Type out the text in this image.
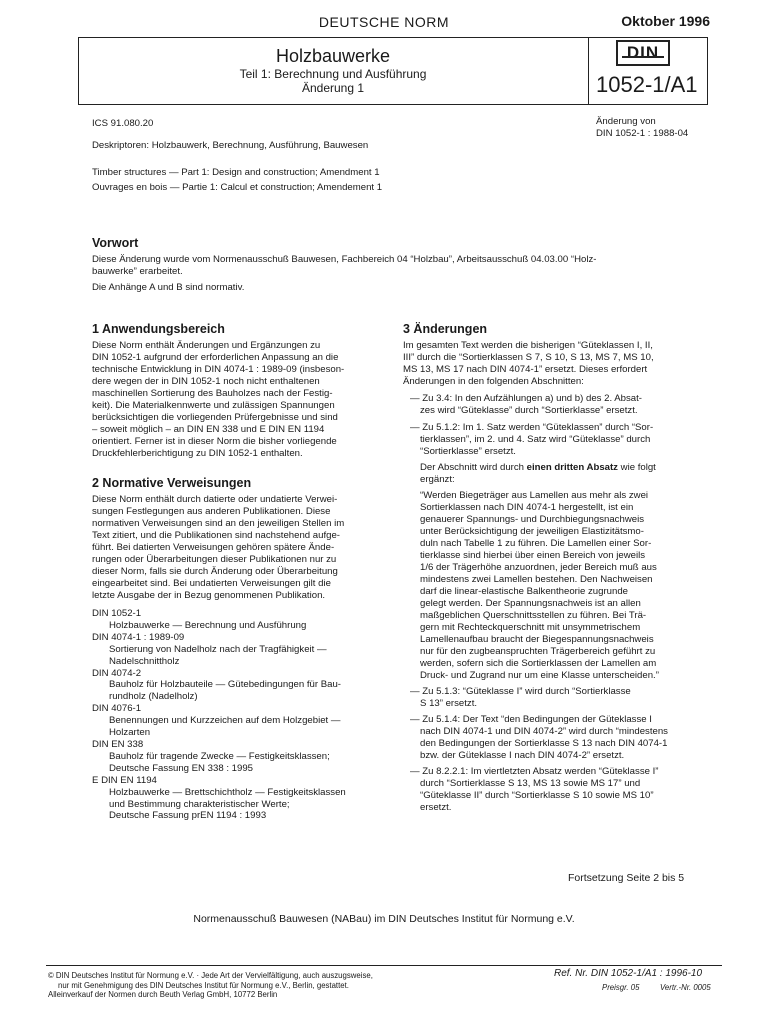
DEUTSCHE NORM	Oktober 1996
Holzbauwerke
Teil 1: Berechnung und Ausführung
Änderung 1
DIN
1052-1/A1
ICS 91.080.20
Deskriptoren: Holzbauwerk, Berechnung, Ausführung, Bauwesen
Änderung von
DIN 1052-1 : 1988-04
Timber structures — Part 1: Design and construction; Amendment 1
Ouvrages en bois — Partie 1: Calcul et construction; Amendement 1
Vorwort
Diese Änderung wurde vom Normenausschuß Bauwesen, Fachbereich 04 “Holzbau”, Arbeitsausschuß 04.03.00 “Holz-
bauwerke” erarbeitet.
Die Anhänge A und B sind normativ.
1 Anwendungsbereich
Diese Norm enthält Änderungen und Ergänzungen zu
DIN 1052-1 aufgrund der erforderlichen Anpassung an die
technische Entwicklung in DIN 4074-1 : 1989-09 (insbeson-
dere wegen der in DIN 1052-1 noch nicht enthaltenen
maschinellen Sortierung des Bauholzes nach der Festig-
keit). Die Materialkennwerte und zulässigen Spannungen
berücksichtigen die vorliegenden Prüfergebnisse und sind
– soweit möglich – an DIN EN 338 und E DIN EN 1194
orientiert. Ferner ist in dieser Norm die bisher vorliegende
Druckfehlerberichtigung zu DIN 1052-1 enthalten.
2 Normative Verweisungen
Diese Norm enthält durch datierte oder undatierte Verwei-
sungen Festlegungen aus anderen Publikationen. Diese
normativen Verweisungen sind an den jeweiligen Stellen im
Text zitiert, und die Publikationen sind nachstehend aufge-
führt. Bei datierten Verweisungen gehören spätere Ände-
rungen oder Überarbeitungen dieser Publikationen nur zu
dieser Norm, falls sie durch Änderung oder Überarbeitung
eingearbeitet sind. Bei undatierten Verweisungen gilt die
letzte Ausgabe der in Bezug genommenen Publikation.
DIN 1052-1
Holzbauwerke — Berechnung und Ausführung
DIN 4074-1 : 1989-09
Sortierung von Nadelholz nach der Tragfähigkeit —
Nadelschnittholz
DIN 4074-2
Bauholz für Holzbauteile — Gütebedingungen für Bau-
rundholz (Nadelholz)
DIN 4076-1
Benennungen und Kurzzeichen auf dem Holzgebiet —
Holzarten
DIN EN 338
Bauholz für tragende Zwecke — Festigkeitsklassen;
Deutsche Fassung EN 338 : 1995
E DIN EN 1194
Holzbauwerke — Brettschichtholz — Festigkeitsklassen
und Bestimmung charakteristischer Werte;
Deutsche Fassung prEN 1194 : 1993
3 Änderungen
Im gesamten Text werden die bisherigen “Güteklassen I, II,
III” durch die “Sortierklassen S 7, S 10, S 13, MS 7, MS 10,
MS 13, MS 17 nach DIN 4074-1” ersetzt. Dieses erfordert
Änderungen in den folgenden Abschnitten:
— Zu 3.4: In den Aufzählungen a) und b) des 2. Absat-
zes wird “Güteklasse” durch “Sortierklasse” ersetzt.
— Zu 5.1.2: Im 1. Satz werden “Güteklassen” durch “Sor-
tierklassen”, im 2. und 4. Satz wird “Güteklasse” durch
“Sortierklasse” ersetzt.
Der Abschnitt wird durch einen dritten Absatz wie folgt
ergänzt:
“Werden Biegeträger aus Lamellen aus mehr als zwei
Sortierklassen nach DIN 4074-1 hergestellt, ist ein
genauerer Spannungs- und Durchbiegungsnachweis
unter Berücksichtigung der jeweiligen Elastizitätsmo-
duln nach Tabelle 1 zu führen. Die Lamellen einer Sor-
tierklasse sind hierbei über einen Bereich von jeweils
1/6 der Trägerhöhe anzuordnen, jeder Bereich muß aus
mindestens zwei Lamellen bestehen. Den Nachweisen
darf die linear-elastische Balkentheorie zugrunde
gelegt werden. Der Spannungsnachweis ist an allen
maßgeblichen Querschnittsstellen zu führen. Bei Trä-
gern mit Rechteckquerschnitt mit unsymmetrischem
Lamellenaufbau braucht der Biegespannungsnachweis
nur für den zugbeanspruchten Trägerbereich geführt zu
werden, sofern sich die Sortierklassen der Lamellen am
Druck- und Zugrand nur um eine Klasse unterscheiden.”
— Zu 5.1.3: “Güteklasse I” wird durch “Sortierklasse
S 13” ersetzt.
— Zu 5.1.4: Der Text “den Bedingungen der Güteklasse I
nach DIN 4074-1 und DIN 4074-2” wird durch “mindestens
den Bedingungen der Sortierklasse S 13 nach DIN 4074-1
bzw. der Güteklasse I nach DIN 4074-2” ersetzt.
— Zu 8.2.2.1: Im viertletzten Absatz werden “Güteklasse I”
durch “Sortierklasse S 13, MS 13 sowie MS 17” und
“Güteklasse II” durch “Sortierklasse S 10 sowie MS 10”
ersetzt.
Fortsetzung Seite 2 bis 5
Normenausschuß Bauwesen (NABau) im DIN Deutsches Institut für Normung e.V.
© DIN Deutsches Institut für Normung e.V. · Jede Art der Vervielfältigung, auch auszugsweise,
nur mit Genehmigung des DIN Deutsches Institut für Normung e.V., Berlin, gestattet.
Alleinverkauf der Normen durch Beuth Verlag GmbH, 10772 Berlin
Ref. Nr. DIN 1052-1/A1 : 1996-10
Preisgr. 05	Vertr.-Nr. 0005
